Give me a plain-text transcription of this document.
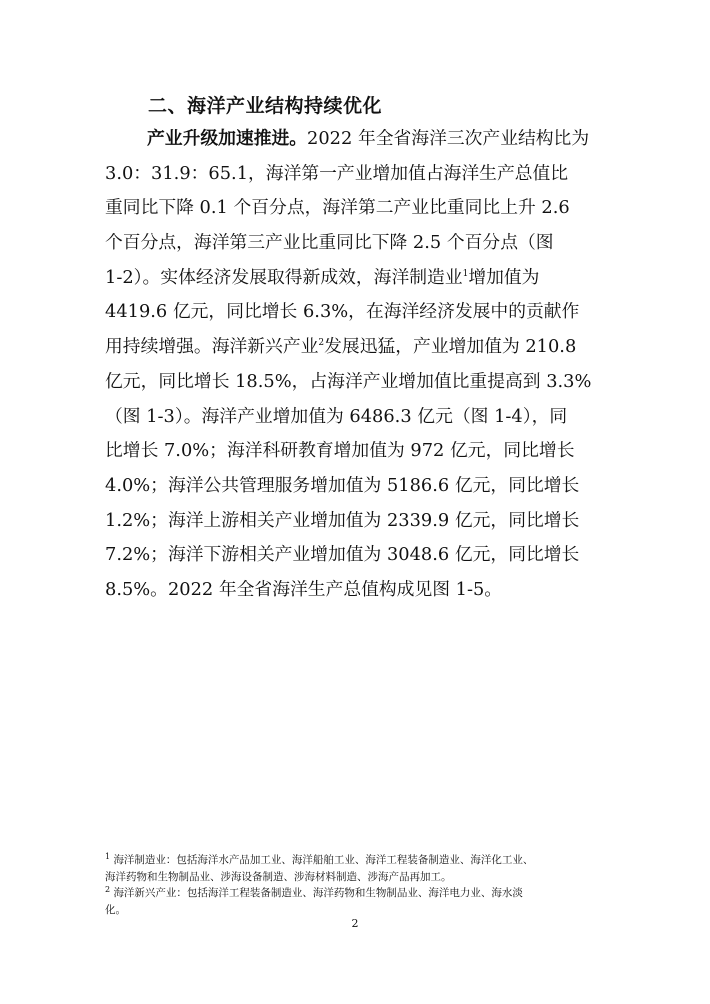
二、海洋产业结构持续优化
产业升级加速推进。2022 年全省海洋三次产业结构比为
3.0：31.9：65.1，海洋第一产业增加值占海洋生产总值比
重同比下降 0.1 个百分点，海洋第二产业比重同比上升 2.6
个百分点，海洋第三产业比重同比下降 2.5 个百分点（图
1-2）。实体经济发展取得新成效，海洋制造业$^1$增加值为
4419.6 亿元，同比增长 6.3%，在海洋经济发展中的贡献作
用持续增强。海洋新兴产业$^2$发展迅猛，产业增加值为 210.8
亿元，同比增长 18.5%，占海洋产业增加值比重提高到 3.3%
（图 1-3）。海洋产业增加值为 6486.3 亿元（图 1-4），同
比增长 7.0%；海洋科研教育增加值为 972 亿元，同比增长
4.0%；海洋公共管理服务增加值为 5186.6 亿元，同比增长
1.2%；海洋上游相关产业增加值为 2339.9 亿元，同比增长
7.2%；海洋下游相关产业增加值为 3048.6 亿元，同比增长
8.5%。2022 年全省海洋生产总值构成见图 1-5。

$^1$ 海洋制造业：包括海洋水产品加工业、海洋船舶工业、海洋工程装备制造业、海洋化工业、

海洋药物和生物制品业、涉海设备制造、涉海材料制造、涉海产品再加工。

$^2$ 海洋新兴产业：包括海洋工程装备制造业、海洋药物和生物制品业、海洋电力业、海水淡

化。

2
